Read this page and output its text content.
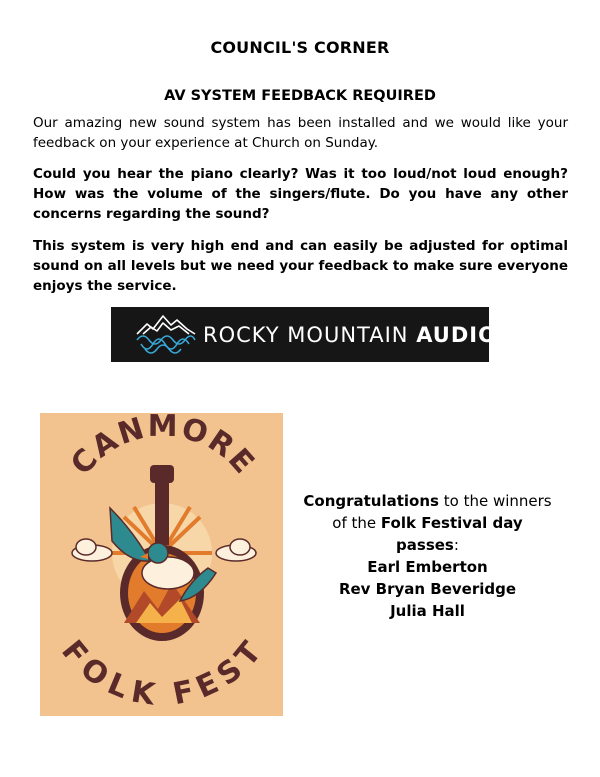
COUNCIL'S CORNER
AV SYSTEM FEEDBACK REQUIRED
Our amazing new sound system has been installed and we would like your feedback on your experience at Church on Sunday.
Could you hear the piano clearly? Was it too loud/not loud enough? How was the volume of the singers/flute. Do you have any other concerns regarding the sound?
This system is very high end and can easily be adjusted for optimal sound on all levels but we need your feedback to make sure everyone enjoys the service.
ROCKY MOUNTAIN AUDIO
CANMORE
FOLK FEST
Congratulations to the winners
of the Folk Festival day passes:
Earl Emberton
Rev Bryan Beveridge
Julia Hall
